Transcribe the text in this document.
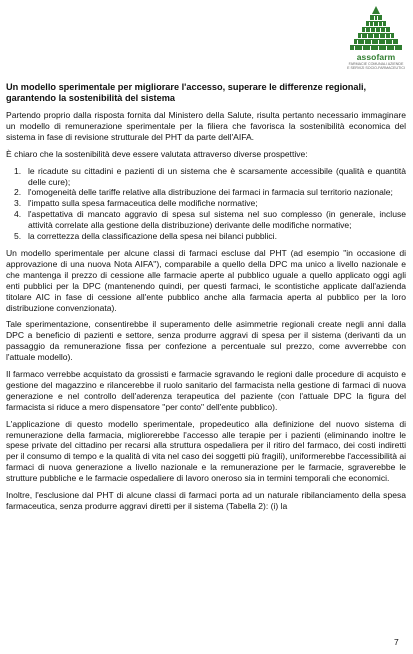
assofarm
FARMACIE COMUNALI AZIENDE E SERVIZI SOCIO-FARMACEUTICI
Un modello sperimentale per migliorare l'accesso, superare le differenze regionali, garantendo la sostenibilità del sistema

Partendo proprio dalla risposta fornita dal Ministero della Salute, risulta pertanto necessario immaginare un modello di remunerazione sperimentale per la filiera che favorisca la sostenibilità economica del sistema in fase di revisione strutturale del PHT da parte dell'AIFA.

È chiaro che la sostenibilità deve essere valutata attraverso diverse prospettive:

1. le ricadute su cittadini e pazienti di un sistema che è scarsamente accessibile (qualità e quantità delle cure);
2. l'omogeneità delle tariffe relative alla distribuzione dei farmaci in farmacia sul territorio nazionale;
3. l'impatto sulla spesa farmaceutica delle modifiche normative;
4. l'aspettativa di mancato aggravio di spesa sul sistema nel suo complesso (in generale, incluse attività correlate alla gestione della distribuzione) derivante delle modifiche normative;
5. la correttezza della classificazione della spesa nei bilanci pubblici.

Un modello sperimentale per alcune classi di farmaci escluse dal PHT (ad esempio "in occasione di approvazione di una nuova Nota AIFA"), comparabile a quello della DPC ma unico a livello nazionale e che mantenga il prezzo di cessione alle farmacie aperte al pubblico uguale a quello applicato oggi agli enti pubblici per la DPC (mantenendo quindi, per questi farmaci, le scontistiche applicate dall'azienda titolare AIC in fase di cessione all'ente pubblico anche alla farmacia aperta al pubblico per la loro distribuzione convenzionata).

Tale sperimentazione, consentirebbe il superamento delle asimmetrie regionali create negli anni dalla DPC a beneficio di pazienti e settore, senza produrre aggravi di spesa per il sistema (derivanti da un passaggio da remunerazione fissa per confezione a percentuale sul prezzo, come avverrebbe con l'attuale modello).

Il farmaco verrebbe acquistato da grossisti e farmacie sgravando le regioni dalle procedure di acquisto e gestione del magazzino e rilancerebbe il ruolo sanitario del farmacista nella gestione di farmaci di nuova generazione e nel controllo dell'aderenza terapeutica del paziente (con l'attuale DPC la figura del farmacista si riduce a mero dispensatore "per conto" dell'ente pubblico).

L'applicazione di questo modello sperimentale, propedeutico alla definizione del nuovo sistema di remunerazione della farmacia, migliorerebbe l'accesso alle terapie per i pazienti (eliminando inoltre le spese private del cittadino per recarsi alla struttura ospedaliera per il ritiro del farmaco, dei costi indiretti per il consumo di tempo e la qualità di vita nel caso dei soggetti più fragili), uniformerebbe l'accessibilità ai farmaci di nuova generazione a livello nazionale e la remunerazione per le farmacie, sgraverebbe le strutture pubbliche e le farmacie ospedaliere di lavoro oneroso sia in termini temporali che economici.

Inoltre, l'esclusione dal PHT di alcune classi di farmaci porta ad un naturale ribilanciamento della spesa farmaceutica, senza produrre aggravi diretti per il sistema (Tabella 2): (i) la

7
